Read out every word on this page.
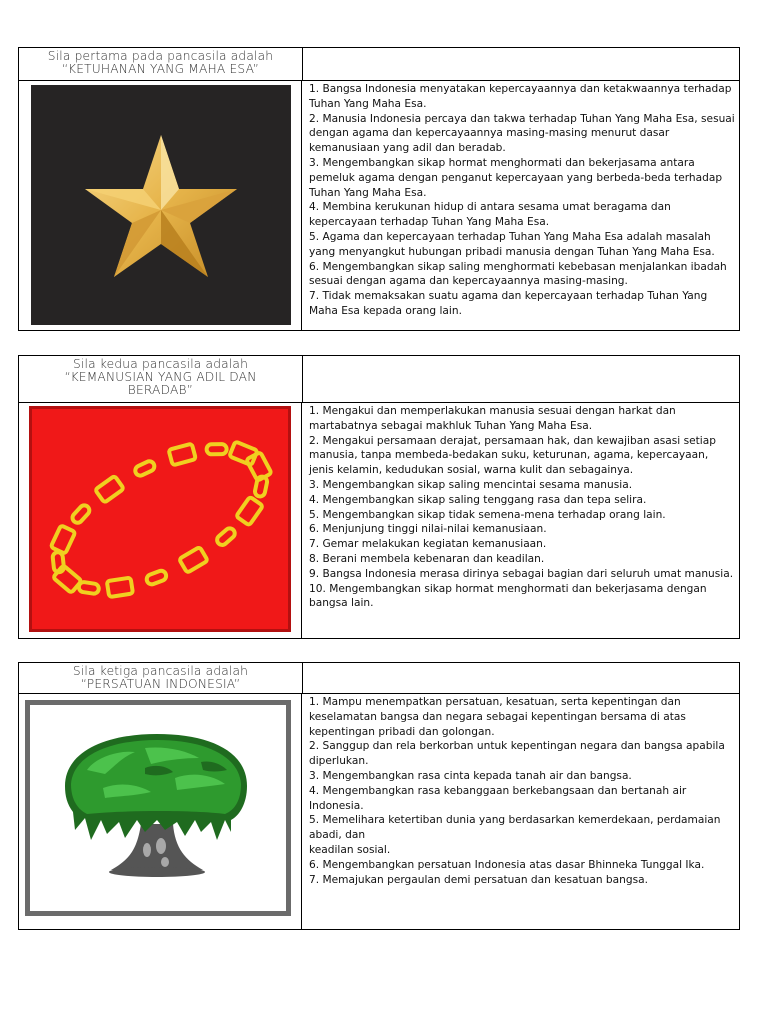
Sila pertama pada pancasila adalah
“KETUHANAN YANG MAHA ESA”

1. Bangsa Indonesia menyatakan kepercayaannya dan ketakwaannya terhadap Tuhan Yang Maha Esa.

2. Manusia Indonesia percaya dan takwa terhadap Tuhan Yang Maha Esa, sesuai dengan agama dan kepercayaannya masing-masing menurut dasar kemanusiaan yang adil dan beradab.

3. Mengembangkan sikap hormat menghormati dan bekerjasama antara pemeluk agama dengan penganut kepercayaan yang berbeda-beda terhadap Tuhan Yang Maha Esa.

4. Membina kerukunan hidup di antara sesama umat beragama dan kepercayaan terhadap Tuhan Yang Maha Esa.

5. Agama dan kepercayaan terhadap Tuhan Yang Maha Esa adalah masalah yang menyangkut hubungan pribadi manusia dengan Tuhan Yang Maha Esa.

6. Mengembangkan sikap saling menghormati kebebasan menjalankan ibadah sesuai dengan agama dan kepercayaannya masing-masing.

7. Tidak memaksakan suatu agama dan kepercayaan terhadap Tuhan Yang Maha Esa kepada orang lain.

Sila kedua pancasila adalah
“KEMANUSIAN YANG ADIL DAN
BERADAB”

1. Mengakui dan memperlakukan manusia sesuai dengan harkat dan martabatnya sebagai makhluk Tuhan Yang Maha Esa.

2. Mengakui persamaan derajat, persamaan hak, dan kewajiban asasi setiap manusia, tanpa membeda-bedakan suku, keturunan, agama, kepercayaan, jenis kelamin, kedudukan sosial, warna kulit dan sebagainya.

3. Mengembangkan sikap saling mencintai sesama manusia.

4. Mengembangkan sikap saling tenggang rasa dan tepa selira.

5. Mengembangkan sikap tidak semena-mena terhadap orang lain.

6. Menjunjung tinggi nilai-nilai kemanusiaan.

7. Gemar melakukan kegiatan kemanusiaan.

8. Berani membela kebenaran dan keadilan.

9. Bangsa Indonesia merasa dirinya sebagai bagian dari seluruh umat manusia.

10. Mengembangkan sikap hormat menghormati dan bekerjasama dengan bangsa lain.

Sila ketiga pancasila adalah
“PERSATUAN INDONESIA”

1. Mampu menempatkan persatuan, kesatuan, serta kepentingan dan keselamatan bangsa dan negara sebagai kepentingan bersama di atas kepentingan pribadi dan golongan.

2. Sanggup dan rela berkorban untuk kepentingan negara dan bangsa apabila diperlukan.

3. Mengembangkan rasa cinta kepada tanah air dan bangsa.

4. Mengembangkan rasa kebanggaan berkebangsaan dan bertanah air Indonesia.

5. Memelihara ketertiban dunia yang berdasarkan kemerdekaan, perdamaian abadi, dan

keadilan sosial.

6. Mengembangkan persatuan Indonesia atas dasar Bhinneka Tunggal Ika.

7. Memajukan pergaulan demi persatuan dan kesatuan bangsa.
